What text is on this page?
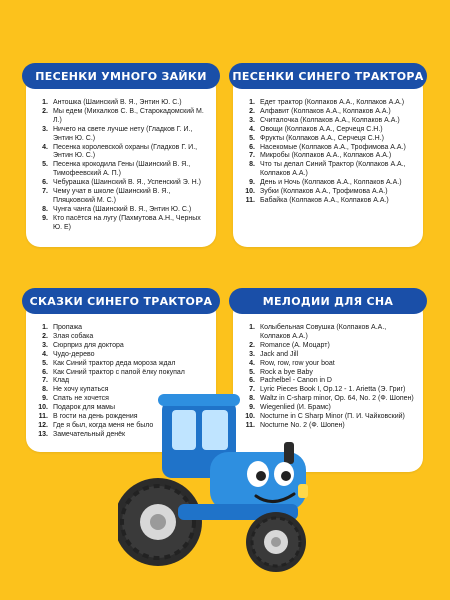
ПЕСЕНКИ УМНОГО ЗАЙКИ
1. Антошка (Шаинский В. Я., Энтин Ю. С.)
2. Мы едем (Михалков С. В., Старокадомский М. Л.)
3. Ничего на свете лучше нету (Гладков Г. И., Энтин Ю. С.)
4. Песенка королевской охраны (Гладков Г. И., Энтин Ю. С.)
5. Песенка крокодила Гены (Шаинский В. Я., Тимофеевский А. П.)
6. Чебурашка (Шаинский В. Я., Успенский Э. Н.)
7. Чему учат в школе (Шаинский В. Я., Пляцковский М. С.)
8. Чунга чанга (Шаинский В. Я., Энтин Ю. С.)
9. Кто пасётся на лугу (Пахмутова А.Н., Черных Ю. Е)
ПЕСЕНКИ СИНЕГО ТРАКТОРА
1. Едет трактор (Колпаков А.А., Колпаков А.А.)
2. Алфавит (Колпаков А.А., Колпаков А.А.)
3. Считалочка (Колпаков А.А., Колпаков А.А.)
4. Овощи (Колпаков А.А., Серчеця С.Н.)
5. Фрукты (Колпаков А.А., Серчеця С.Н.)
6. Насекомые (Колпаков А.А., Трофимова А.А.)
7. Микробы (Колпаков А.А., Колпаков А.А.)
8. Что ты делал Синий Трактор (Колпаков А.А., Колпаков А.А.)
9. День и Ночь (Колпаков А.А., Колпаков А.А.)
10. Зубки (Колпаков А.А., Трофимова А.А.)
11. Бабайка (Колпаков А.А., Колпаков А.А.)
СКАЗКИ СИНЕГО ТРАКТОРА
1. Пропажа
2. Злая собака
3. Сюрприз для доктора
4. Чудо-дерево
5. Как Синий трактор деда мороза ждал
6. Как Синий трактор с папой ёлку покупал
7. Клад
8. Не хочу купаться
9. Спать не хочется
10. Подарок для мамы
11. В гости на день рождения
12. Где я был, когда меня не было
13. Замечательный денёк
МЕЛОДИИ ДЛЯ СНА
1. Колыбельная Совушка (Колпаков А.А., Колпаков А.А.)
2. Romance (А. Моцарт)
3. Jack and Jill
4. Row, row, row your boat
5. Rock a bye Baby
6. Pachelbel - Canon in D
7. Lyric Pieces Book I, Op.12 - 1. Arietta (Э. Григ)
8. Waltz in C-sharp minor, Op. 64, No. 2 (Ф. Шопен)
9. Wiegenlied (И. Брамс)
10. Nocturne in C Sharp Minor (П. И. Чайковский)
11. Nocturne No. 2 (Ф. Шопен)
